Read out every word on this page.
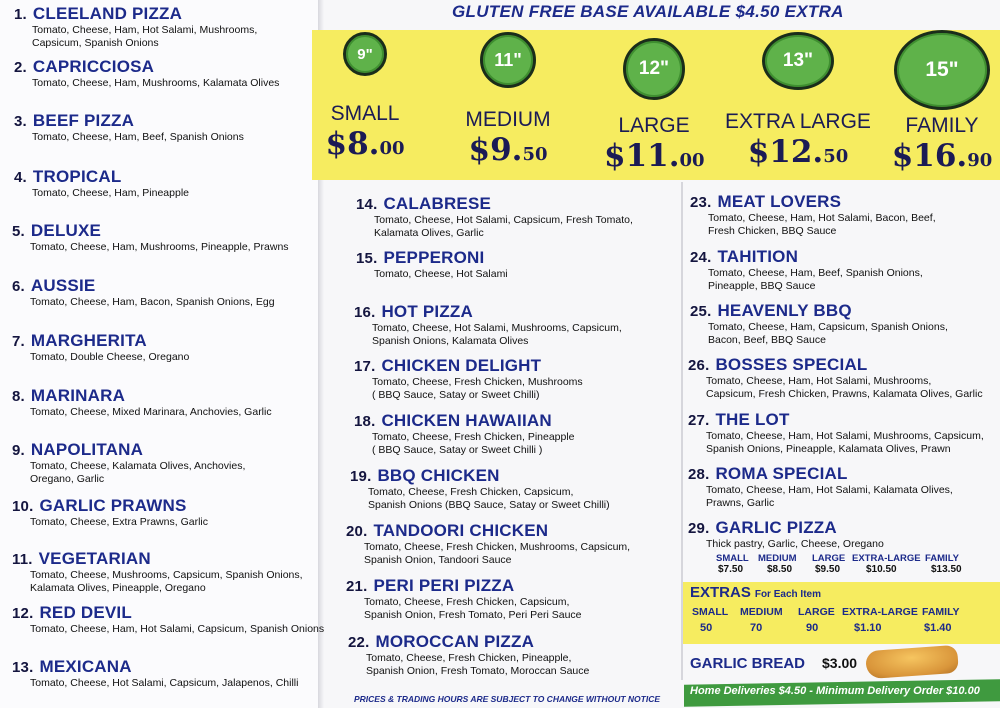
GLUTEN FREE BASE AVAILABLE $4.50 EXTRA
9"
SMALL
$8.00
11"
MEDIUM
$9.50
12"
LARGE
$11.00
13"
EXTRA LARGE
$12.50
15"
FAMILY
$16.90
1. CLEELAND PIZZA
Tomato, Cheese, Ham, Hot Salami, Mushrooms,
Capsicum, Spanish Onions
2. CAPRICCIOSA
Tomato, Cheese, Ham, Mushrooms, Kalamata Olives
3. BEEF PIZZA
Tomato, Cheese, Ham, Beef, Spanish Onions
4. TROPICAL
Tomato, Cheese, Ham, Pineapple
5. DELUXE
Tomato, Cheese, Ham, Mushrooms, Pineapple, Prawns
6. AUSSIE
Tomato, Cheese, Ham, Bacon, Spanish Onions, Egg
7. MARGHERITA
Tomato, Double Cheese, Oregano
8. MARINARA
Tomato, Cheese, Mixed Marinara, Anchovies, Garlic
9. NAPOLITANA
Tomato, Cheese, Kalamata Olives, Anchovies,
Oregano, Garlic
10. GARLIC PRAWNS
Tomato, Cheese, Extra Prawns, Garlic
11. VEGETARIAN
Tomato, Cheese, Mushrooms, Capsicum, Spanish Onions,
Kalamata Olives, Pineapple, Oregano
12. RED DEVIL
Tomato, Cheese, Ham, Hot Salami, Capsicum, Spanish Onions
13. MEXICANA
Tomato, Cheese, Hot Salami, Capsicum, Jalapenos, Chilli
14. CALABRESE
Tomato, Cheese, Hot Salami, Capsicum, Fresh Tomato,
Kalamata Olives, Garlic
15. PEPPERONI
Tomato, Cheese, Hot Salami
16. HOT PIZZA
Tomato, Cheese, Hot Salami, Mushrooms, Capsicum,
Spanish Onions, Kalamata Olives
17. CHICKEN DELIGHT
Tomato, Cheese, Fresh Chicken, Mushrooms
( BBQ Sauce, Satay or Sweet Chilli)
18. CHICKEN HAWAIIAN
Tomato, Cheese, Fresh Chicken, Pineapple
( BBQ Sauce, Satay or Sweet Chilli )
19. BBQ CHICKEN
Tomato, Cheese, Fresh Chicken, Capsicum,
Spanish Onions (BBQ Sauce, Satay or Sweet Chilli)
20. TANDOORI CHICKEN
Tomato, Cheese, Fresh Chicken, Mushrooms, Capsicum,
Spanish Onion, Tandoori Sauce
21. PERI PERI PIZZA
Tomato, Cheese, Fresh Chicken, Capsicum,
Spanish Onion, Fresh Tomato, Peri Peri Sauce
22. MOROCCAN PIZZA
Tomato, Cheese, Fresh Chicken, Pineapple,
Spanish Onion, Fresh Tomato, Moroccan Sauce
23. MEAT LOVERS
Tomato, Cheese, Ham, Hot Salami, Bacon, Beef,
Fresh Chicken, BBQ Sauce
24. TAHITION
Tomato, Cheese, Ham, Beef, Spanish Onions,
Pineapple, BBQ Sauce
25. HEAVENLY BBQ
Tomato, Cheese, Ham, Capsicum, Spanish Onions,
Bacon, Beef, BBQ Sauce
26. BOSSES SPECIAL
Tomato, Cheese, Ham, Hot Salami, Mushrooms,
Capsicum, Fresh Chicken, Prawns, Kalamata Olives, Garlic
27. THE LOT
Tomato, Cheese, Ham, Hot Salami, Mushrooms, Capsicum,
Spanish Onions, Pineapple, Kalamata Olives, Prawn
28. ROMA SPECIAL
Tomato, Cheese, Ham, Hot Salami, Kalamata Olives,
Prawns, Garlic
29. GARLIC PIZZA
Thick pastry, Garlic, Cheese, Oregano
SMALL MEDIUM LARGE EXTRA-LARGE FAMILY
$7.50 $8.50 $9.50	$10.50	$13.50
EXTRAS For Each Item
SMALL MEDIUM LARGE EXTRA-LARGE FAMILY
50	70	90	$1.10	$1.40
GARLIC BREAD $3.00
PRICES & TRADING HOURS ARE SUBJECT TO CHANGE WITHOUT NOTICE
Home Deliveries $4.50 - Minimum Delivery Order $10.00
